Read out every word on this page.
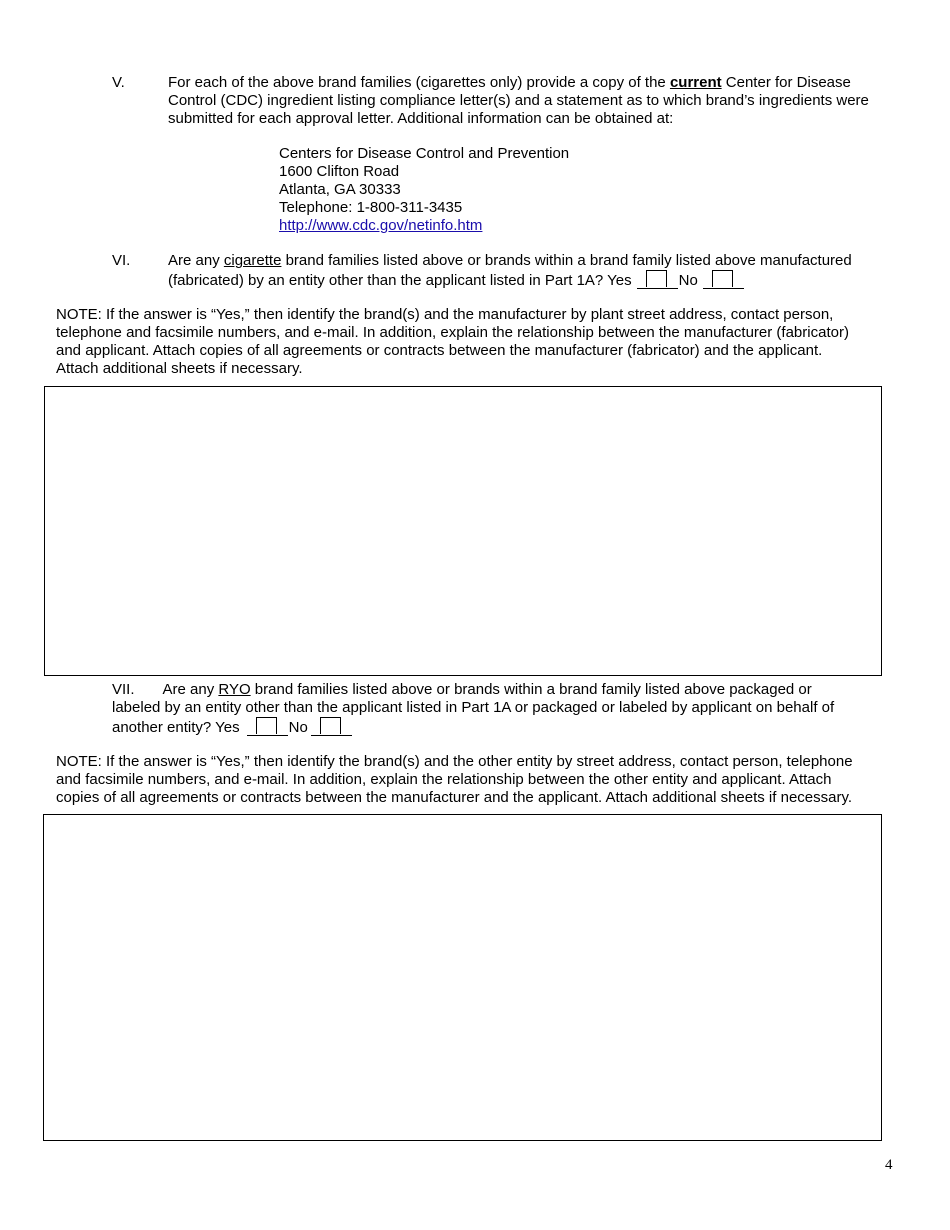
V.	For each of the above brand families (cigarettes only) provide a copy of the current Center for Disease
Control (CDC) ingredient listing compliance letter(s) and a statement as to which brand’s ingredients were
submitted for each approval letter. Additional information can be obtained at:
Centers for Disease Control and Prevention
1600 Clifton Road
Atlanta, GA 30333
Telephone: 1-800-311-3435
http://www.cdc.gov/netinfo.htm
VI.	Are any cigarette brand families listed above or brands within a brand family listed above manufactured
(fabricated) by an entity other than the applicant listed in Part 1A? Yes	No
NOTE: If the answer is “Yes,” then identify the brand(s) and the manufacturer by plant street address, contact person,
telephone and facsimile numbers, and e-mail. In addition, explain the relationship between the manufacturer (fabricator)
and applicant. Attach copies of all agreements or contracts between the manufacturer (fabricator) and the applicant.
Attach additional sheets if necessary.
VII. Are any RYO brand families listed above or brands within a brand family listed above packaged or
labeled by an entity other than the applicant listed in Part 1A or packaged or labeled by applicant on behalf of
another entity? Yes	No
NOTE: If the answer is “Yes,” then identify the brand(s) and the other entity by street address, contact person, telephone
and facsimile numbers, and e-mail. In addition, explain the relationship between the other entity and applicant. Attach
copies of all agreements or contracts between the manufacturer and the applicant. Attach additional sheets if necessary.
4
